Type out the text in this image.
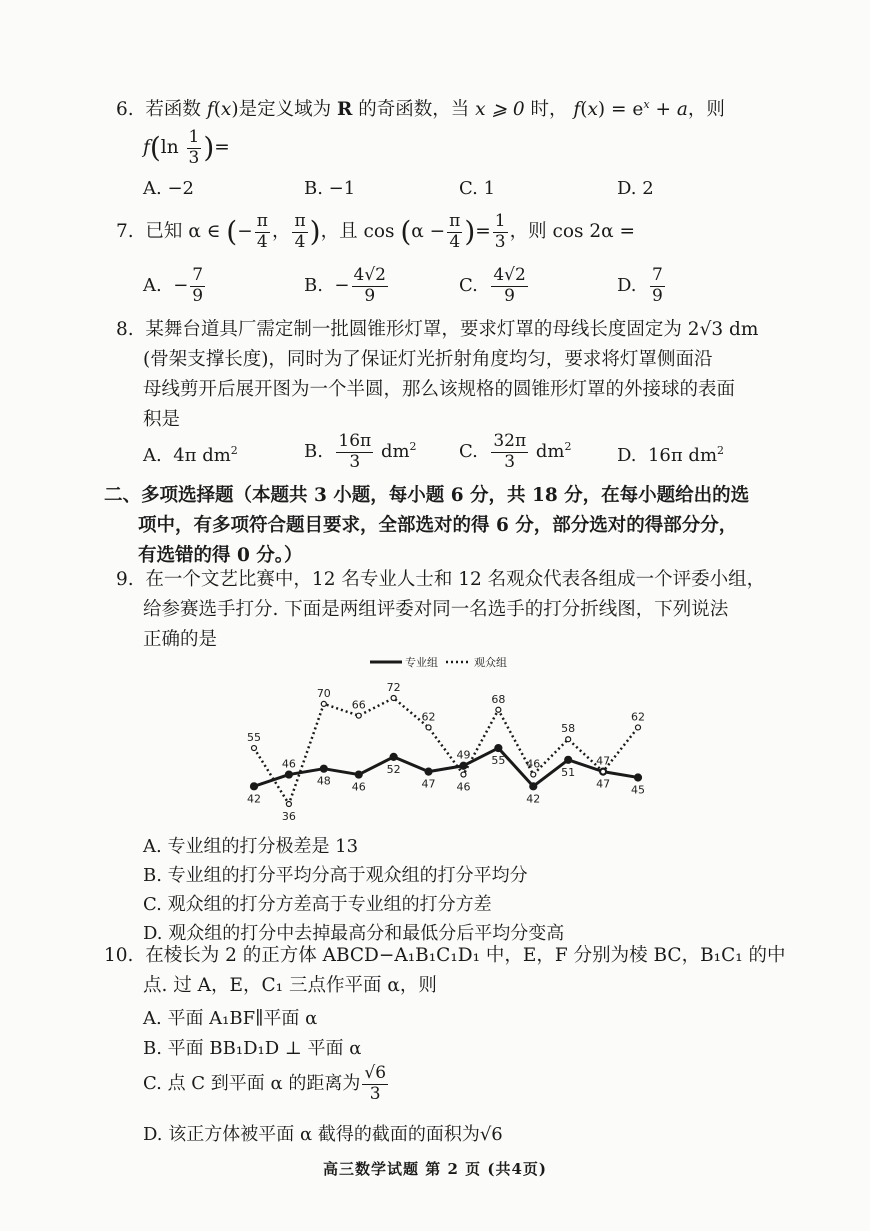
6. 若函数 f(x)是定义域为 R 的奇函数，当 x ⩾ 0 时， $f(x) = e^x + a$，则
$f(\ln \frac{1}{3}$ )=
A. −2	B. −1	C. 1	D. 2
7. 已知 α ∈ (− $\frac{\pi}{4}$ ， $\frac{\pi}{4}$ )，且 $\cos (\alpha - \frac{\pi}{4}$ )= $\frac{1}{3}$ ，则 cos 2α =
A. − $\frac{7}{9}$	B. − $\frac{4√2}{9}$	C. $\frac{4√2}{9}$	D. $\frac{7}{9}$
8. 某舞台道具厂需定制一批圆锥形灯罩，要求灯罩的母线长度固定为 2√3 dm
(骨架支撑长度)，同时为了保证灯光折射角度均匀，要求将灯罩侧面沿
母线剪开后展开图为一个半圆，那么该规格的圆锥形灯罩的外接球的表面
积是
A. 4π $dm^2$	B. $\frac{16\pi}{3} dm^2$ C. $\frac{32\pi}{3} dm^2$	D. 16π $dm^2$
二、多项选择题（本题共 3 小题，每小题 6 分，共 18 分，在每小题给出的选
项中，有多项符合题目要求，全部选对的得 6 分，部分选对的得部分分，
有选错的得 0 分。）
9. 在一个文艺比赛中，12 名专业人士和 12 名观众代表各组成一个评委小组，
给参赛选手打分. 下面是两组评委对同一名选手的打分折线图，下列说法
正确的是
专业组	观众组
42
55
46
36
48
70
46
66
52
72
47
62
49
46
55
68
42
46
51
58
47
47 45
62
A. 专业组的打分极差是 13
B. 专业组的打分平均分高于观众组的打分平均分
C. 观众组的打分方差高于专业组的打分方差
D. 观众组的打分中去掉最高分和最低分后平均分变高
10. 在棱长为 2 的正方体 ABCD−A₁B₁C₁D₁ 中，E，F 分别为棱 BC，B₁C₁ 的中
点. 过 A，E，C₁ 三点作平面 α，则
A. 平面 A₁BF∥平面 α
B. 平面 BB₁D₁D ⊥ 平面 α
C. 点 C 到平面 α 的距离为 $\frac{√6}{3}$
D. 该正方体被平面 α 截得的截面的面积为√6
高三数学试题 第 2 页 (共4页)
